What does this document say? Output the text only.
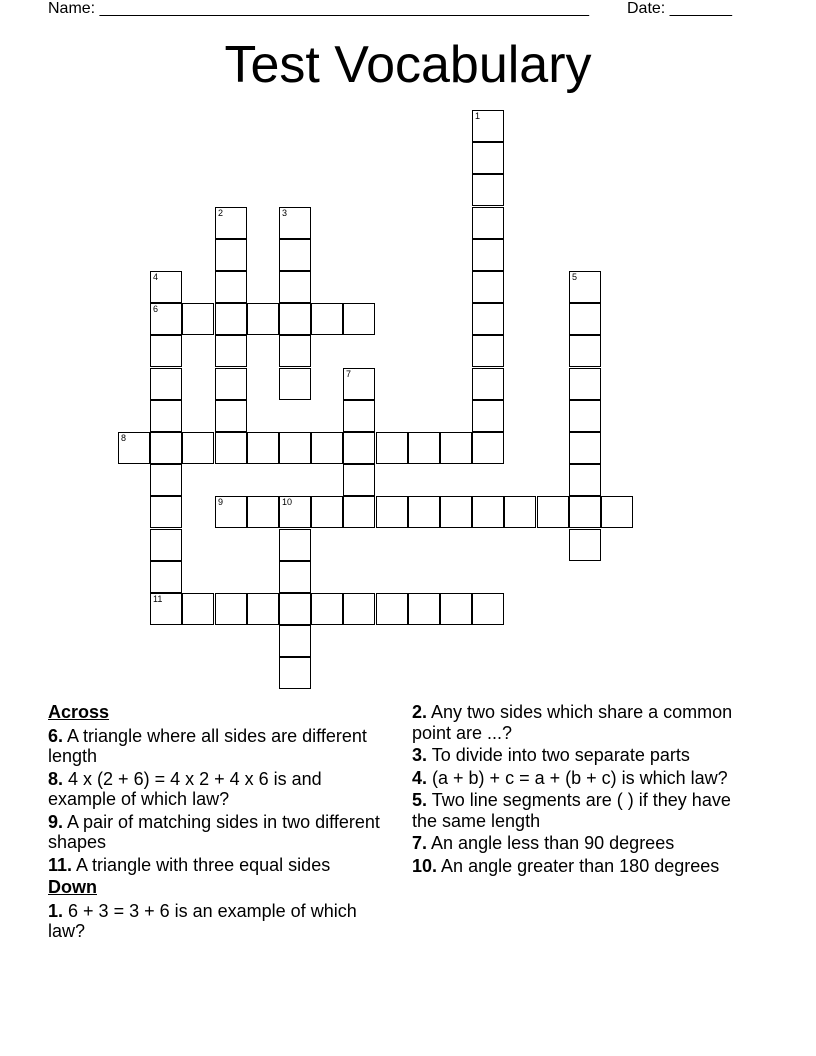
Name: _______________________________________________________ Date: _______
Test Vocabulary
1
2	3
4
6
11
5
7
8
9	10
Across
6. A triangle where all sides are different length
8. 4 x (2 + 6) = 4 x 2 + 4 x 6 is and example of which law?
9. A pair of matching sides in two different shapes
11. A triangle with three equal sides
Down
1. 6 + 3 = 3 + 6 is an example of which law?
2. Any two sides which share a common point are ...?
3. To divide into two separate parts
4. (a + b) + c = a + (b + c) is which law?
5. Two line segments are ( ) if they have the same length
7. An angle less than 90 degrees
10. An angle greater than 180 degrees
